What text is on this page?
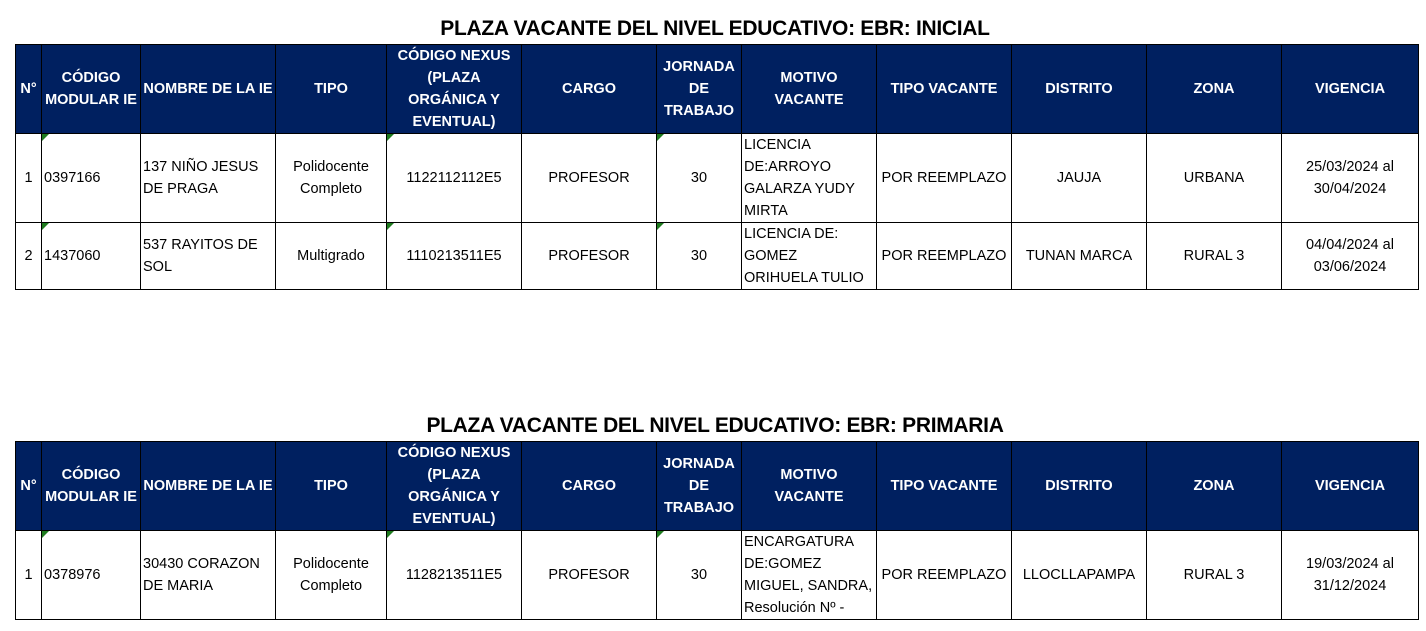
PLAZA VACANTE DEL NIVEL EDUCATIVO: EBR: INICIAL
N°	CÓDIGO MODULAR IE	NOMBRE DE LA IE	TIPO	CÓDIGO NEXUS (PLAZA ORGÁNICA Y EVENTUAL)	CARGO	JORNADA DE TRABAJO	MOTIVO VACANTE	TIPO VACANTE	DISTRITO	ZONA	VIGENCIA
1	0397166	137 NIÑO JESUS DE PRAGA	Polidocente Completo	1122112112E5	PROFESOR	30	LICENCIA DE:ARROYO GALARZA YUDY MIRTA	POR REEMPLAZO	JAUJA	URBANA	25/03/2024 al 30/04/2024
2	1437060	537 RAYITOS DE SOL	Multigrado	1110213511E5	PROFESOR	30	LICENCIA DE: GOMEZ ORIHUELA TULIO	POR REEMPLAZO	TUNAN MARCA	RURAL 3	04/04/2024 al 03/06/2024
PLAZA VACANTE DEL NIVEL EDUCATIVO: EBR: PRIMARIA
N°	CÓDIGO MODULAR IE	NOMBRE DE LA IE	TIPO	CÓDIGO NEXUS (PLAZA ORGÁNICA Y EVENTUAL)	CARGO	JORNADA DE TRABAJO	MOTIVO VACANTE	TIPO VACANTE	DISTRITO	ZONA	VIGENCIA
1	0378976	30430 CORAZON DE MARIA	Polidocente Completo	1128213511E5	PROFESOR	30	ENCARGATURA DE:GOMEZ MIGUEL, SANDRA, Resolución Nº -	POR REEMPLAZO	LLOCLLAPAMPA	RURAL 3	19/03/2024 al 31/12/2024
